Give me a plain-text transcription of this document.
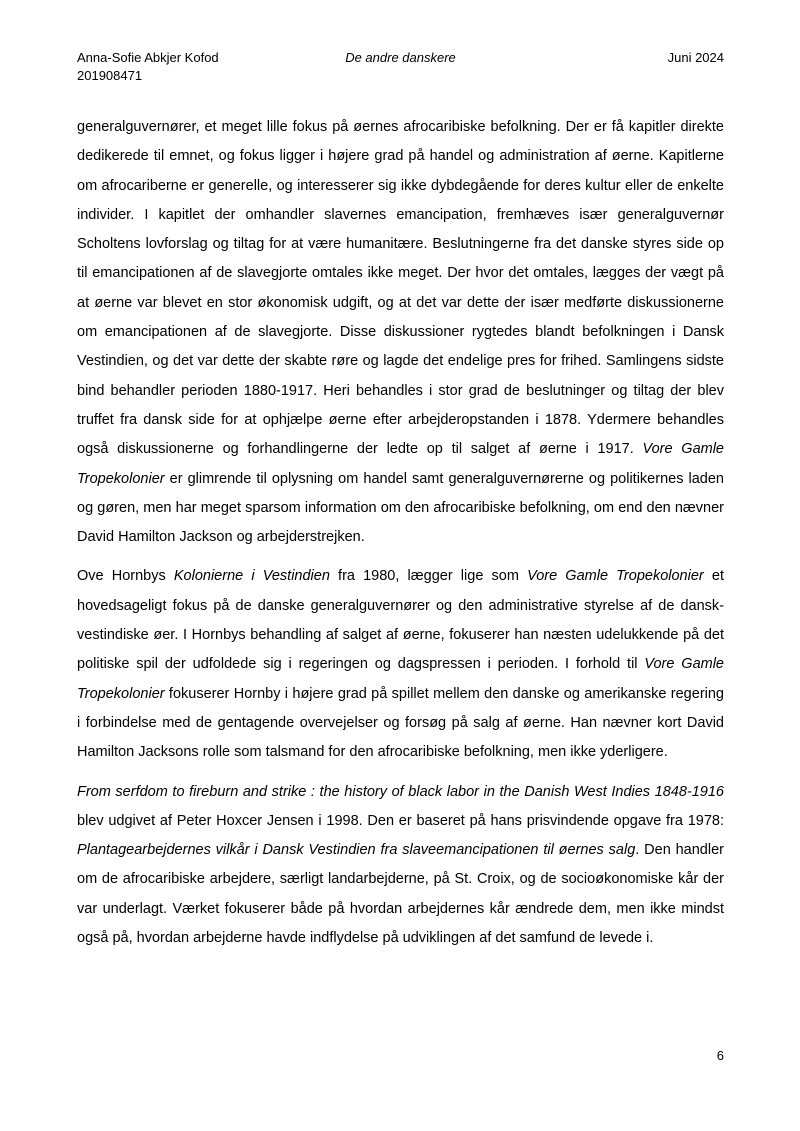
Anna-Sofie Abkjer Kofod
201908471
De andre danskere	Juni 2024

generalguvernører, et meget lille fokus på øernes afrocaribiske befolkning. Der er få kapitler direkte dedikerede til emnet, og fokus ligger i højere grad på handel og administration af øerne. Kapitlerne om afrocariberne er generelle, og interesserer sig ikke dybdegående for deres kultur eller de enkelte individer. I kapitlet der omhandler slavernes emancipation, fremhæves især generalguvernør Scholtens lovforslag og tiltag for at være humanitære. Beslutningerne fra det danske styres side op til emancipationen af de slavegjorte omtales ikke meget. Der hvor det omtales, lægges der vægt på at øerne var blevet en stor økonomisk udgift, og at det var dette der især medførte diskussionerne om emancipationen af de slavegjorte. Disse diskussioner rygtedes blandt befolkningen i Dansk Vestindien, og det var dette der skabte røre og lagde det endelige pres for frihed. Samlingens sidste bind behandler perioden 1880-1917. Heri behandles i stor grad de beslutninger og tiltag der blev truffet fra dansk side for at ophjælpe øerne efter arbejderopstanden i 1878. Ydermere behandles også diskussionerne og forhandlingerne der ledte op til salget af øerne i 1917. Vore Gamle Tropekolonier er glimrende til oplysning om handel samt generalguvernørerne og politikernes laden og gøren, men har meget sparsom information om den afrocaribiske befolkning, om end den nævner David Hamilton Jackson og arbejderstrejken.

Ove Hornbys Kolonierne i Vestindien fra 1980, lægger lige som Vore Gamle Tropekolonier et hovedsageligt fokus på de danske generalguvernører og den administrative styrelse af de dansk-vestindiske øer. I Hornbys behandling af salget af øerne, fokuserer han næsten udelukkende på det politiske spil der udfoldede sig i regeringen og dagspressen i perioden. I forhold til Vore Gamle Tropekolonier fokuserer Hornby i højere grad på spillet mellem den danske og amerikanske regering i forbindelse med de gentagende overvejelser og forsøg på salg af øerne. Han nævner kort David Hamilton Jacksons rolle som talsmand for den afrocaribiske befolkning, men ikke yderligere.

From serfdom to fireburn and strike : the history of black labor in the Danish West Indies 1848-1916 blev udgivet af Peter Hoxcer Jensen i 1998. Den er baseret på hans prisvindende opgave fra 1978: Plantagearbejdernes vilkår i Dansk Vestindien fra slaveemancipationen til øernes salg. Den handler om de afrocaribiske arbejdere, særligt landarbejderne, på St. Croix, og de socioøkonomiske kår der var underlagt. Værket fokuserer både på hvordan arbejdernes kår ændrede dem, men ikke mindst også på, hvordan arbejderne havde indflydelse på udviklingen af det samfund de levede i.

6
